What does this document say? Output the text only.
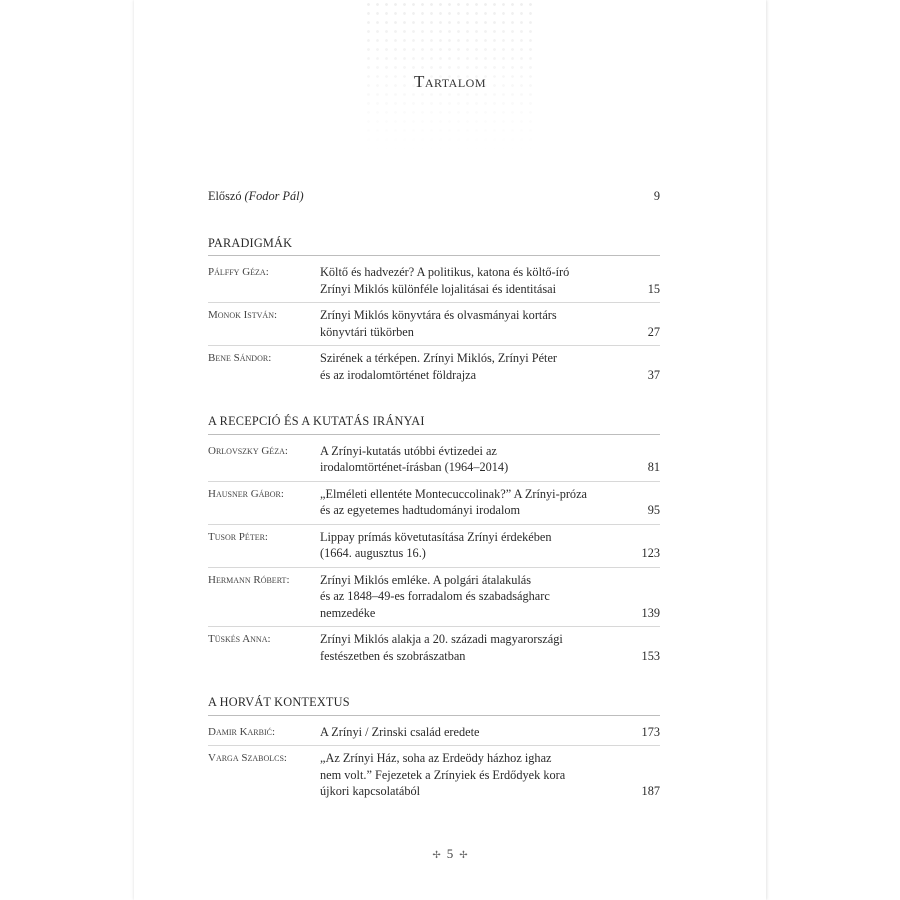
Tartalom
Előszó (Fodor Pál)	9
PARADIGMÁK
Pálffy Géza:	Költő és hadvezér? A politikus, katona és költő-író
Zrínyi Miklós különféle lojalitásai és identitásai	15
Monok István:	Zrínyi Miklós könyvtára és olvasmányai kortárs
könyvtári tükörben	27
Bene Sándor:	Szirének a térképen. Zrínyi Miklós, Zrínyi Péter
és az irodalomtörténet földrajza	37
A RECEPCIÓ ÉS A KUTATÁS IRÁNYAI
Orlovszky Géza:	A Zrínyi-kutatás utóbbi évtizedei az
irodalomtörténet-írásban (1964–2014)	81
Hausner Gábor:	„Elméleti ellentéte Montecuccolinak?” A Zrínyi-próza
és az egyetemes hadtudományi irodalom	95
Tusor Péter:	Lippay prímás követutasítása Zrínyi érdekében
(1664. augusztus 16.)	123
Hermann Róbert:	Zrínyi Miklós emléke. A polgári átalakulás
és az 1848–49-es forradalom és szabadságharc
nemzedéke	139
Tüskés Anna:	Zrínyi Miklós alakja a 20. századi magyarországi
festészetben és szobrászatban	153
A HORVÁT KONTEXTUS
Damir Karbić:	A Zrínyi / Zrinski család eredete	173
Varga Szabolcs:	„Az Zrínyi Ház, soha az Erdeödy házhoz ighaz
nem volt.” Fejezetek a Zrínyiek és Erdődyek kora
újkori kapcsolatából	187
✢ 5 ✢
